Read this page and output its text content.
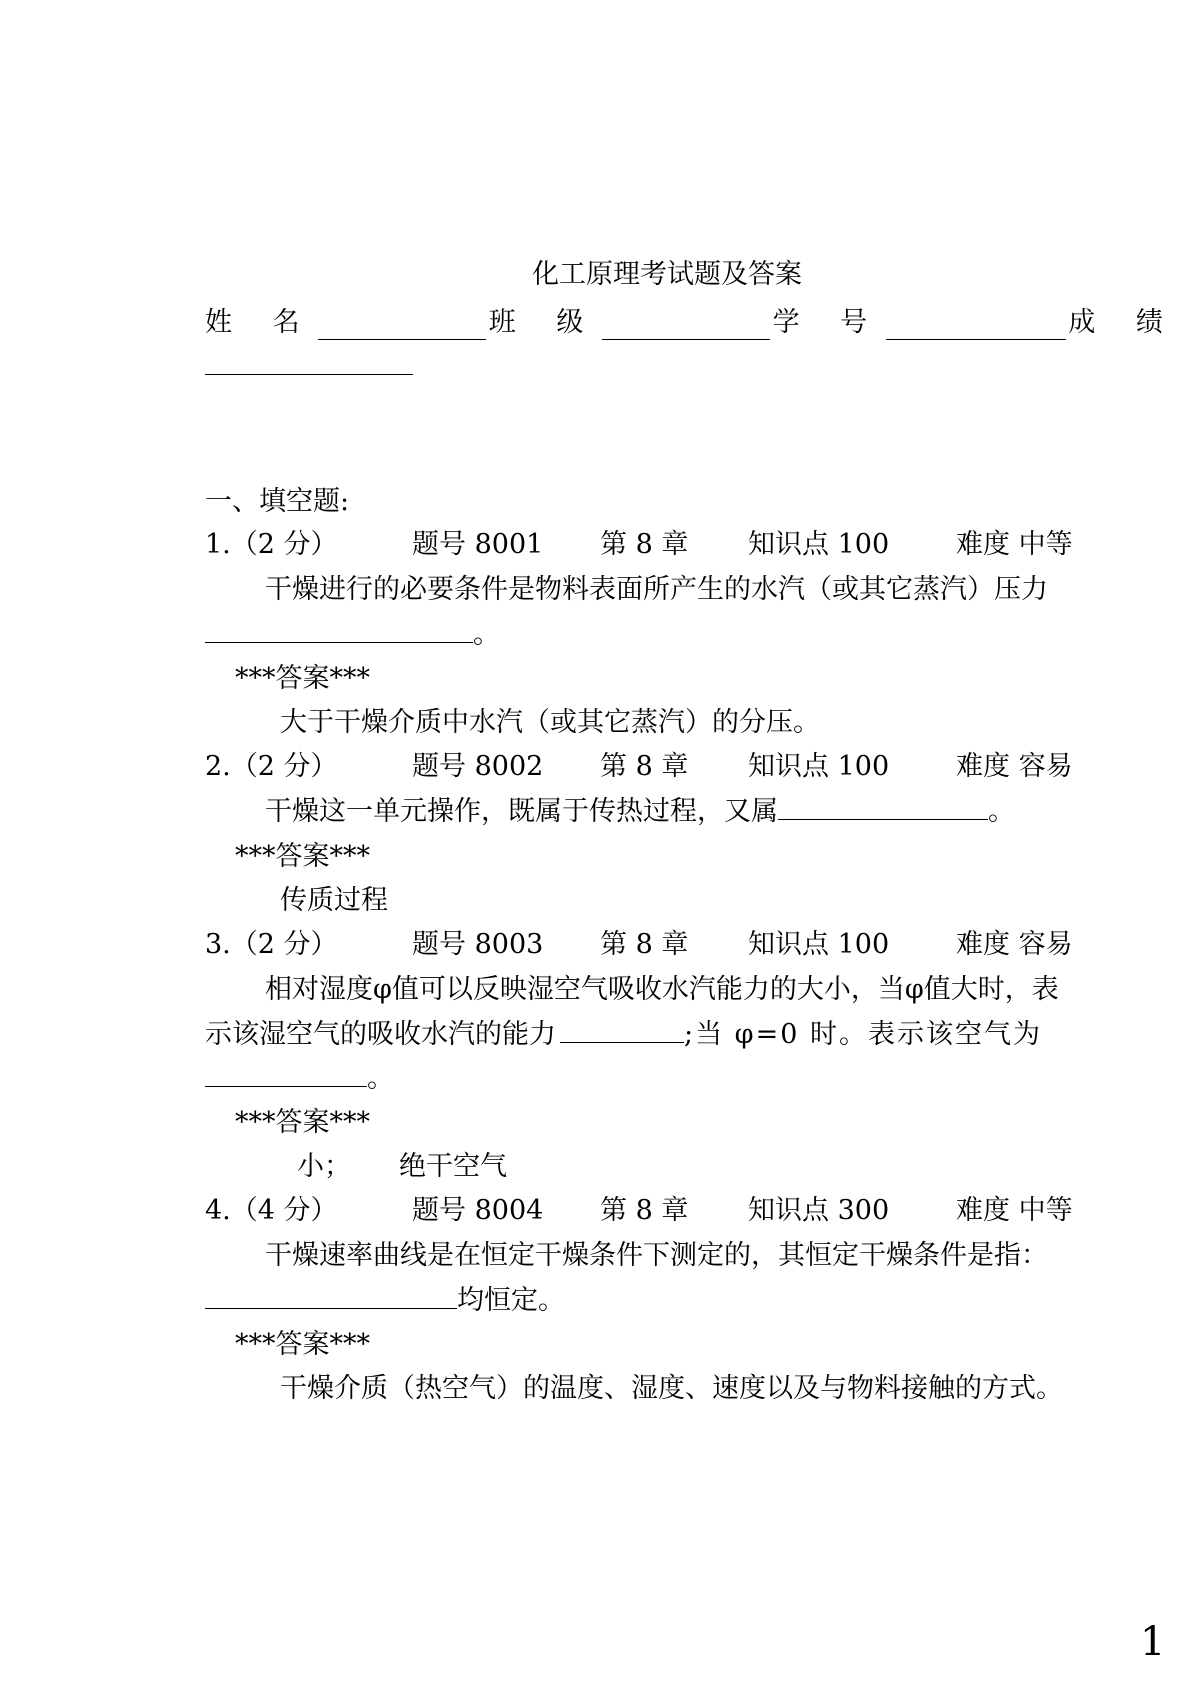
化工原理考试题及答案
姓 名	班 级	学 号	成 绩
一、填空题:
1.（2 分）	题号 8001	第 8 章	知识点 100	难度 中等
干燥进行的必要条件是物料表面所产生的水汽（或其它蒸汽）压力
。
***答案***
大于干燥介质中水汽（或其它蒸汽）的分压。
2.（2 分）	题号 8002	第 8 章	知识点 100	难度 容易
干燥这一单元操作，既属于传热过程，又属	。
***答案***
传质过程
3.（2 分）	题号 8003	第 8 章	知识点 100	难度 容易
相对湿度φ值可以反映湿空气吸收水汽能力的大小，当φ值大时，表
示该湿空气的吸收水汽的能力	;当 φ=0 时。表示该空气为
。
***答案***
小； 绝干空气
4.（4 分）	题号 8004	第 8 章	知识点 300	难度 中等
干燥速率曲线是在恒定干燥条件下测定的，其恒定干燥条件是指：
均恒定。
***答案***
干燥介质（热空气）的温度、湿度、速度以及与物料接触的方式。
1
